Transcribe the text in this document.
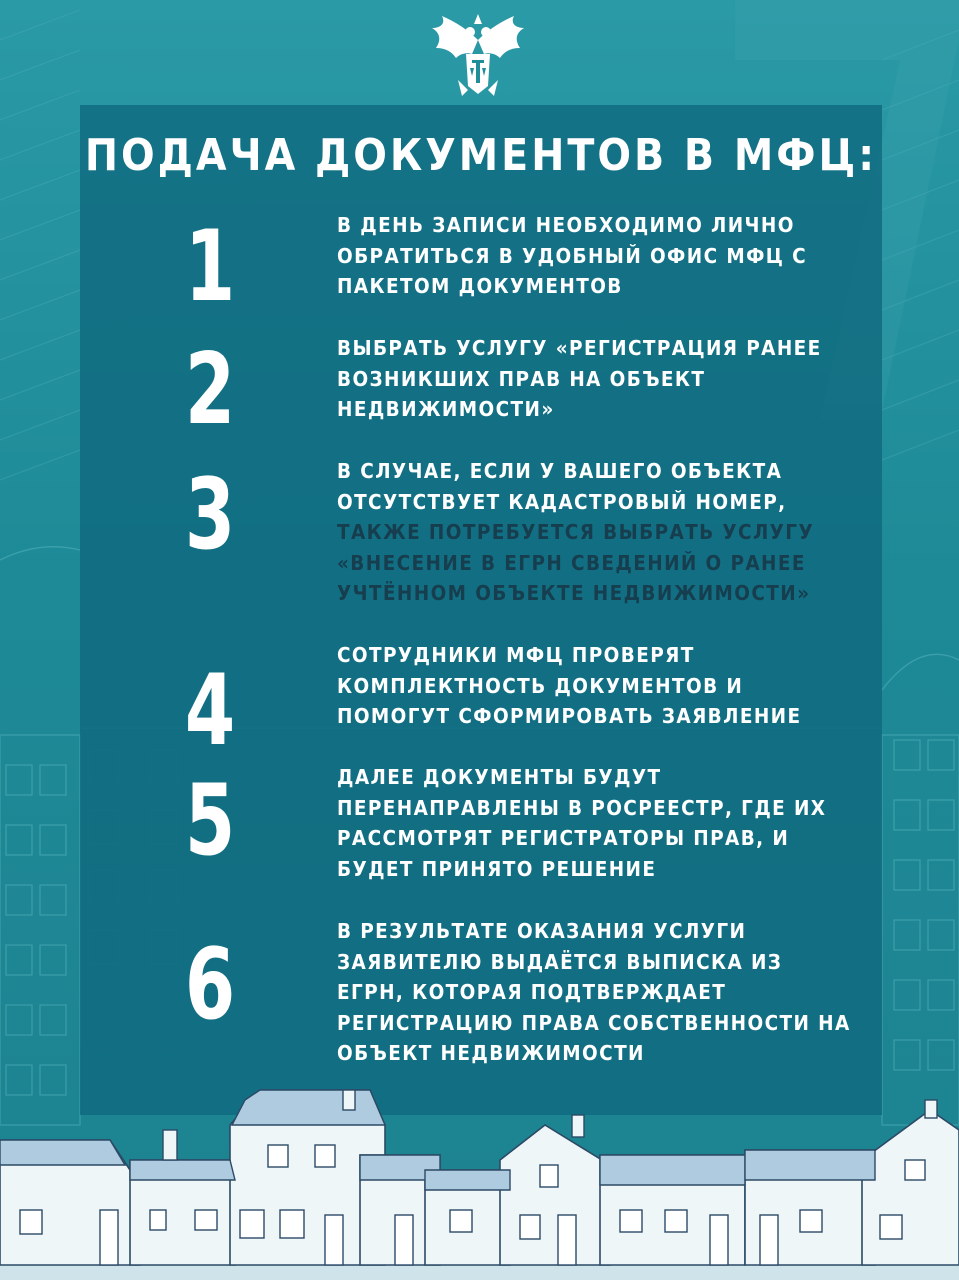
ПОДАЧА ДОКУМЕНТОВ В МФЦ:
1	В ДЕНЬ ЗАПИСИ НЕОБХОДИМО ЛИЧНО ОБРАТИТЬСЯ В УДОБНЫЙ ОФИС МФЦ С ПАКЕТОМ ДОКУМЕНТОВ

2	ВЫБРАТЬ УСЛУГУ «РЕГИСТРАЦИЯ РАНЕЕ ВОЗНИКШИХ ПРАВ НА ОБЪЕКТ НЕДВИЖИМОСТИ»

3	В СЛУЧАЕ, ЕСЛИ У ВАШЕГО ОБЪЕКТА ОТСУТСТВУЕТ КАДАСТРОВЫЙ НОМЕР, ТАКЖЕ ПОТРЕБУЕТСЯ ВЫБРАТЬ УСЛУГУ «ВНЕСЕНИЕ В ЕГРН СВЕДЕНИЙ О РАНЕЕ УЧТЁННОМ ОБЪЕКТЕ НЕДВИЖИМОСТИ»

4	СОТРУДНИКИ МФЦ ПРОВЕРЯТ КОМПЛЕКТНОСТЬ ДОКУМЕНТОВ И ПОМОГУТ СФОРМИРОВАТЬ ЗАЯВЛЕНИЕ

5	ДАЛЕЕ ДОКУМЕНТЫ БУДУТ ПЕРЕНАПРАВЛЕНЫ В РОСРЕЕСТР, ГДЕ ИХ РАССМОТРЯТ РЕГИСТРАТОРЫ ПРАВ, И БУДЕТ ПРИНЯТО РЕШЕНИЕ

6	В РЕЗУЛЬТАТЕ ОКАЗАНИЯ УСЛУГИ ЗАЯВИТЕЛЮ ВЫДАЁТСЯ ВЫПИСКА ИЗ ЕГРН, КОТОРАЯ ПОДТВЕРЖДАЕТ РЕГИСТРАЦИЮ ПРАВА СОБСТВЕННОСТИ НА ОБЪЕКТ НЕДВИЖИМОСТИ
